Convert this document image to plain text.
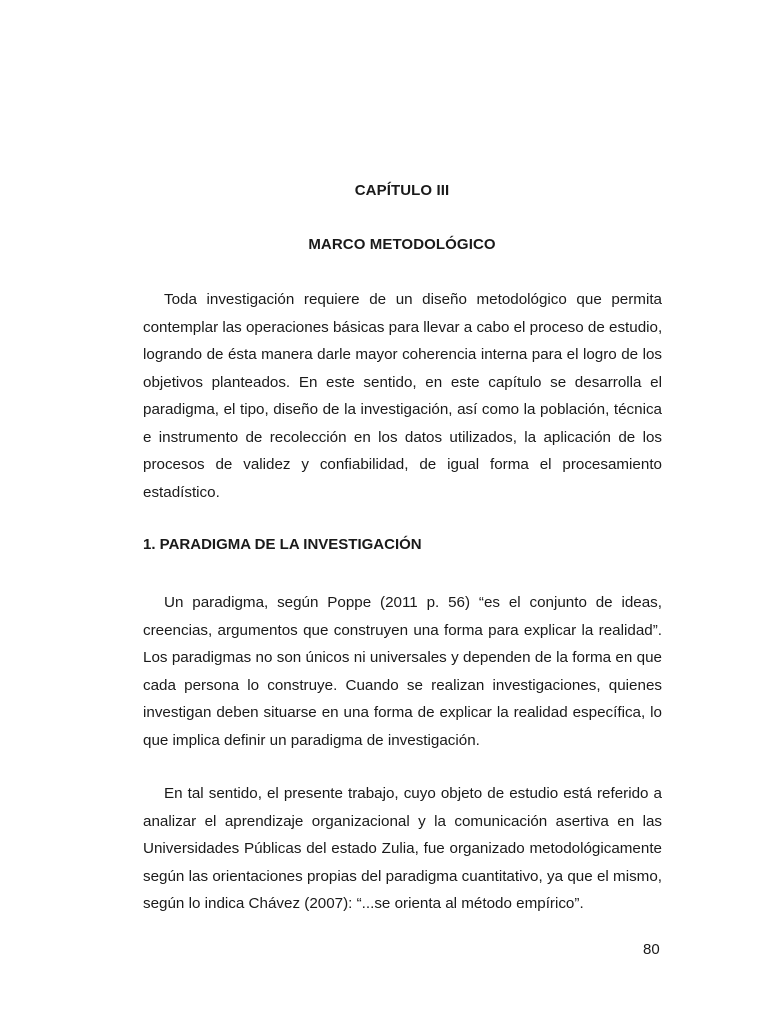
CAPÍTULO III
MARCO METODOLÓGICO

Toda investigación requiere de un diseño metodológico que permita
contemplar las operaciones básicas para llevar a cabo el proceso de estudio,
logrando de ésta manera darle mayor coherencia interna para el logro de los
objetivos planteados. En este sentido, en este capítulo se desarrolla el
paradigma, el tipo, diseño de la investigación, así como la población, técnica
e instrumento de recolección en los datos utilizados, la aplicación de los
procesos de validez y confiabilidad, de igual forma el procesamiento
estadístico.

1. PARADIGMA DE LA INVESTIGACIÓN

Un paradigma, según Poppe (2011 p. 56) “es el conjunto de ideas,
creencias, argumentos que construyen una forma para explicar la realidad”.
Los paradigmas no son únicos ni universales y dependen de la forma en que
cada persona lo construye. Cuando se realizan investigaciones, quienes
investigan deben situarse en una forma de explicar la realidad específica, lo
que implica definir un paradigma de investigación.

En tal sentido, el presente trabajo, cuyo objeto de estudio está referido a
analizar el aprendizaje organizacional y la comunicación asertiva en las
Universidades Públicas del estado Zulia, fue organizado metodológicamente
según las orientaciones propias del paradigma cuantitativo, ya que el mismo,
según lo indica Chávez (2007): “...se orienta al método empírico”.

80
